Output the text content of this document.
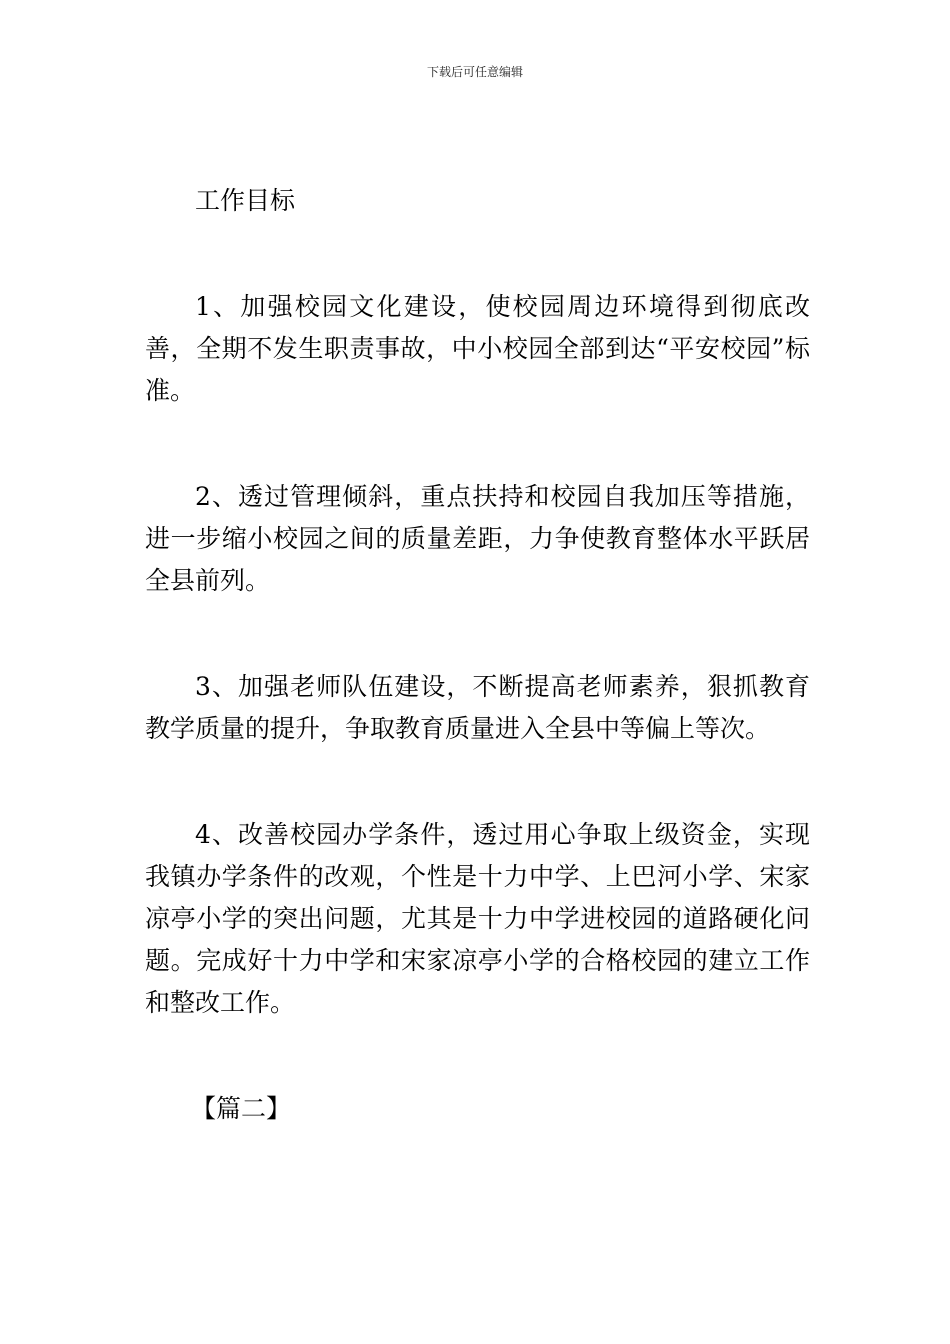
下载后可任意编辑

工作目标

1、加强校园文化建设，使校园周边环境得到彻底改善，全期不发生职责事故，中小校园全部到达“平安校园”标准。

2、透过管理倾斜，重点扶持和校园自我加压等措施，进一步缩小校园之间的质量差距，力争使教育整体水平跃居全县前列。

3、加强老师队伍建设，不断提高老师素养，狠抓教育教学质量的提升，争取教育质量进入全县中等偏上等次。

4、改善校园办学条件，透过用心争取上级资金，实现我镇办学条件的改观，个性是十力中学、上巴河小学、宋家凉亭小学的突出问题，尤其是十力中学进校园的道路硬化问题。完成好十力中学和宋家凉亭小学的合格校园的建立工作和整改工作。

【篇二】
